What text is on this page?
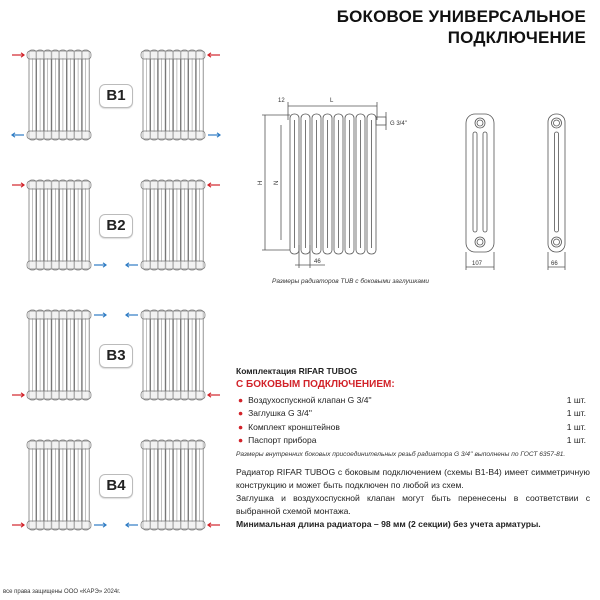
БОКОВОЕ УНИВЕРСАЛЬНОЕ
ПОДКЛЮЧЕНИЕ
B1
B2
B3
B4
12	L
H N
46
G 3/4''
107	66
Размеры радиаторов TUB с боковыми заглушками
Комплектация RIFAR TUBOG
С БОКОВЫМ ПОДКЛЮЧЕНИЕМ:
● Воздухоспускной клапан G 3/4''	1 шт.
● Заглушка G 3/4''	1 шт.
● Комплект кронштейнов	1 шт.
● Паспорт прибора	1 шт.
Размеры внутренних боковых присоединительных резьб радиатора G 3/4'' выполнены по ГОСТ 6357-81.

Радиатор RIFAR TUBOG с боковым подключением (схемы B1-B4) имеет симметричную конструкцию и может быть подключен по любой из схем.

Заглушка и воздухоспускной клапан могут быть перенесены в соответствии с выбранной схемой монтажа.

Минимальная длина радиатора – 98 мм (2 секции) без учета арматуры.

все права защищены ООО «КАРЭ» 2024г.
